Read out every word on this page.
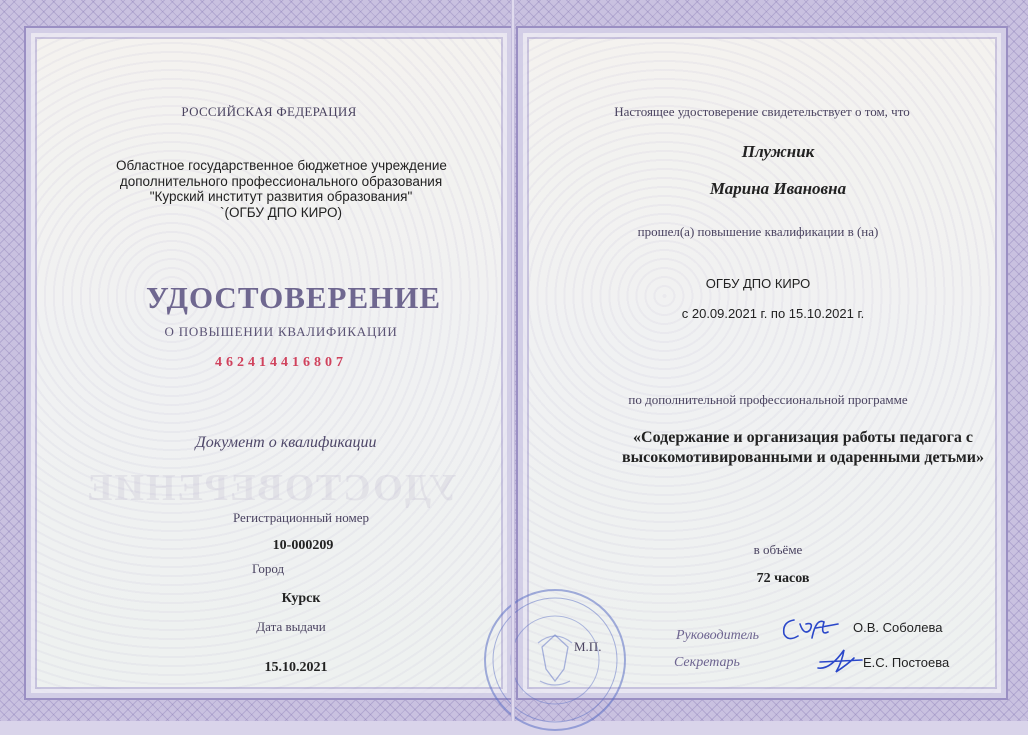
УДОСТОВЕРЕНИЕ
РОССИЙСКАЯ ФЕДЕРАЦИЯ
Областное государственное бюджетное учреждение
дополнительного профессионального образования
"Курский институт развития образования"
`(ОГБУ ДПО КИРО)
УДОСТОВЕРЕНИЕ
О ПОВЫШЕНИИ КВАЛИФИКАЦИИ
462414416807
Документ о квалификации
Регистрационный номер
10-000209
Город
Курск
Дата выдачи
15.10.2021
Настоящее удостоверение свидетельствует о том, что
Плужник
Марина Ивановна
прошел(а) повышение квалификации в (на)
ОГБУ ДПО КИРО
с 20.09.2021 г. по 15.10.2021 г.
по дополнительной профессиональной программе
«Содержание и организация работы педагога с высокомотивированными и одаренными детьми»
в объёме
72 часов
М.П.
Руководитель
О.В. Соболева
Секретарь	Е.С. Постоева
